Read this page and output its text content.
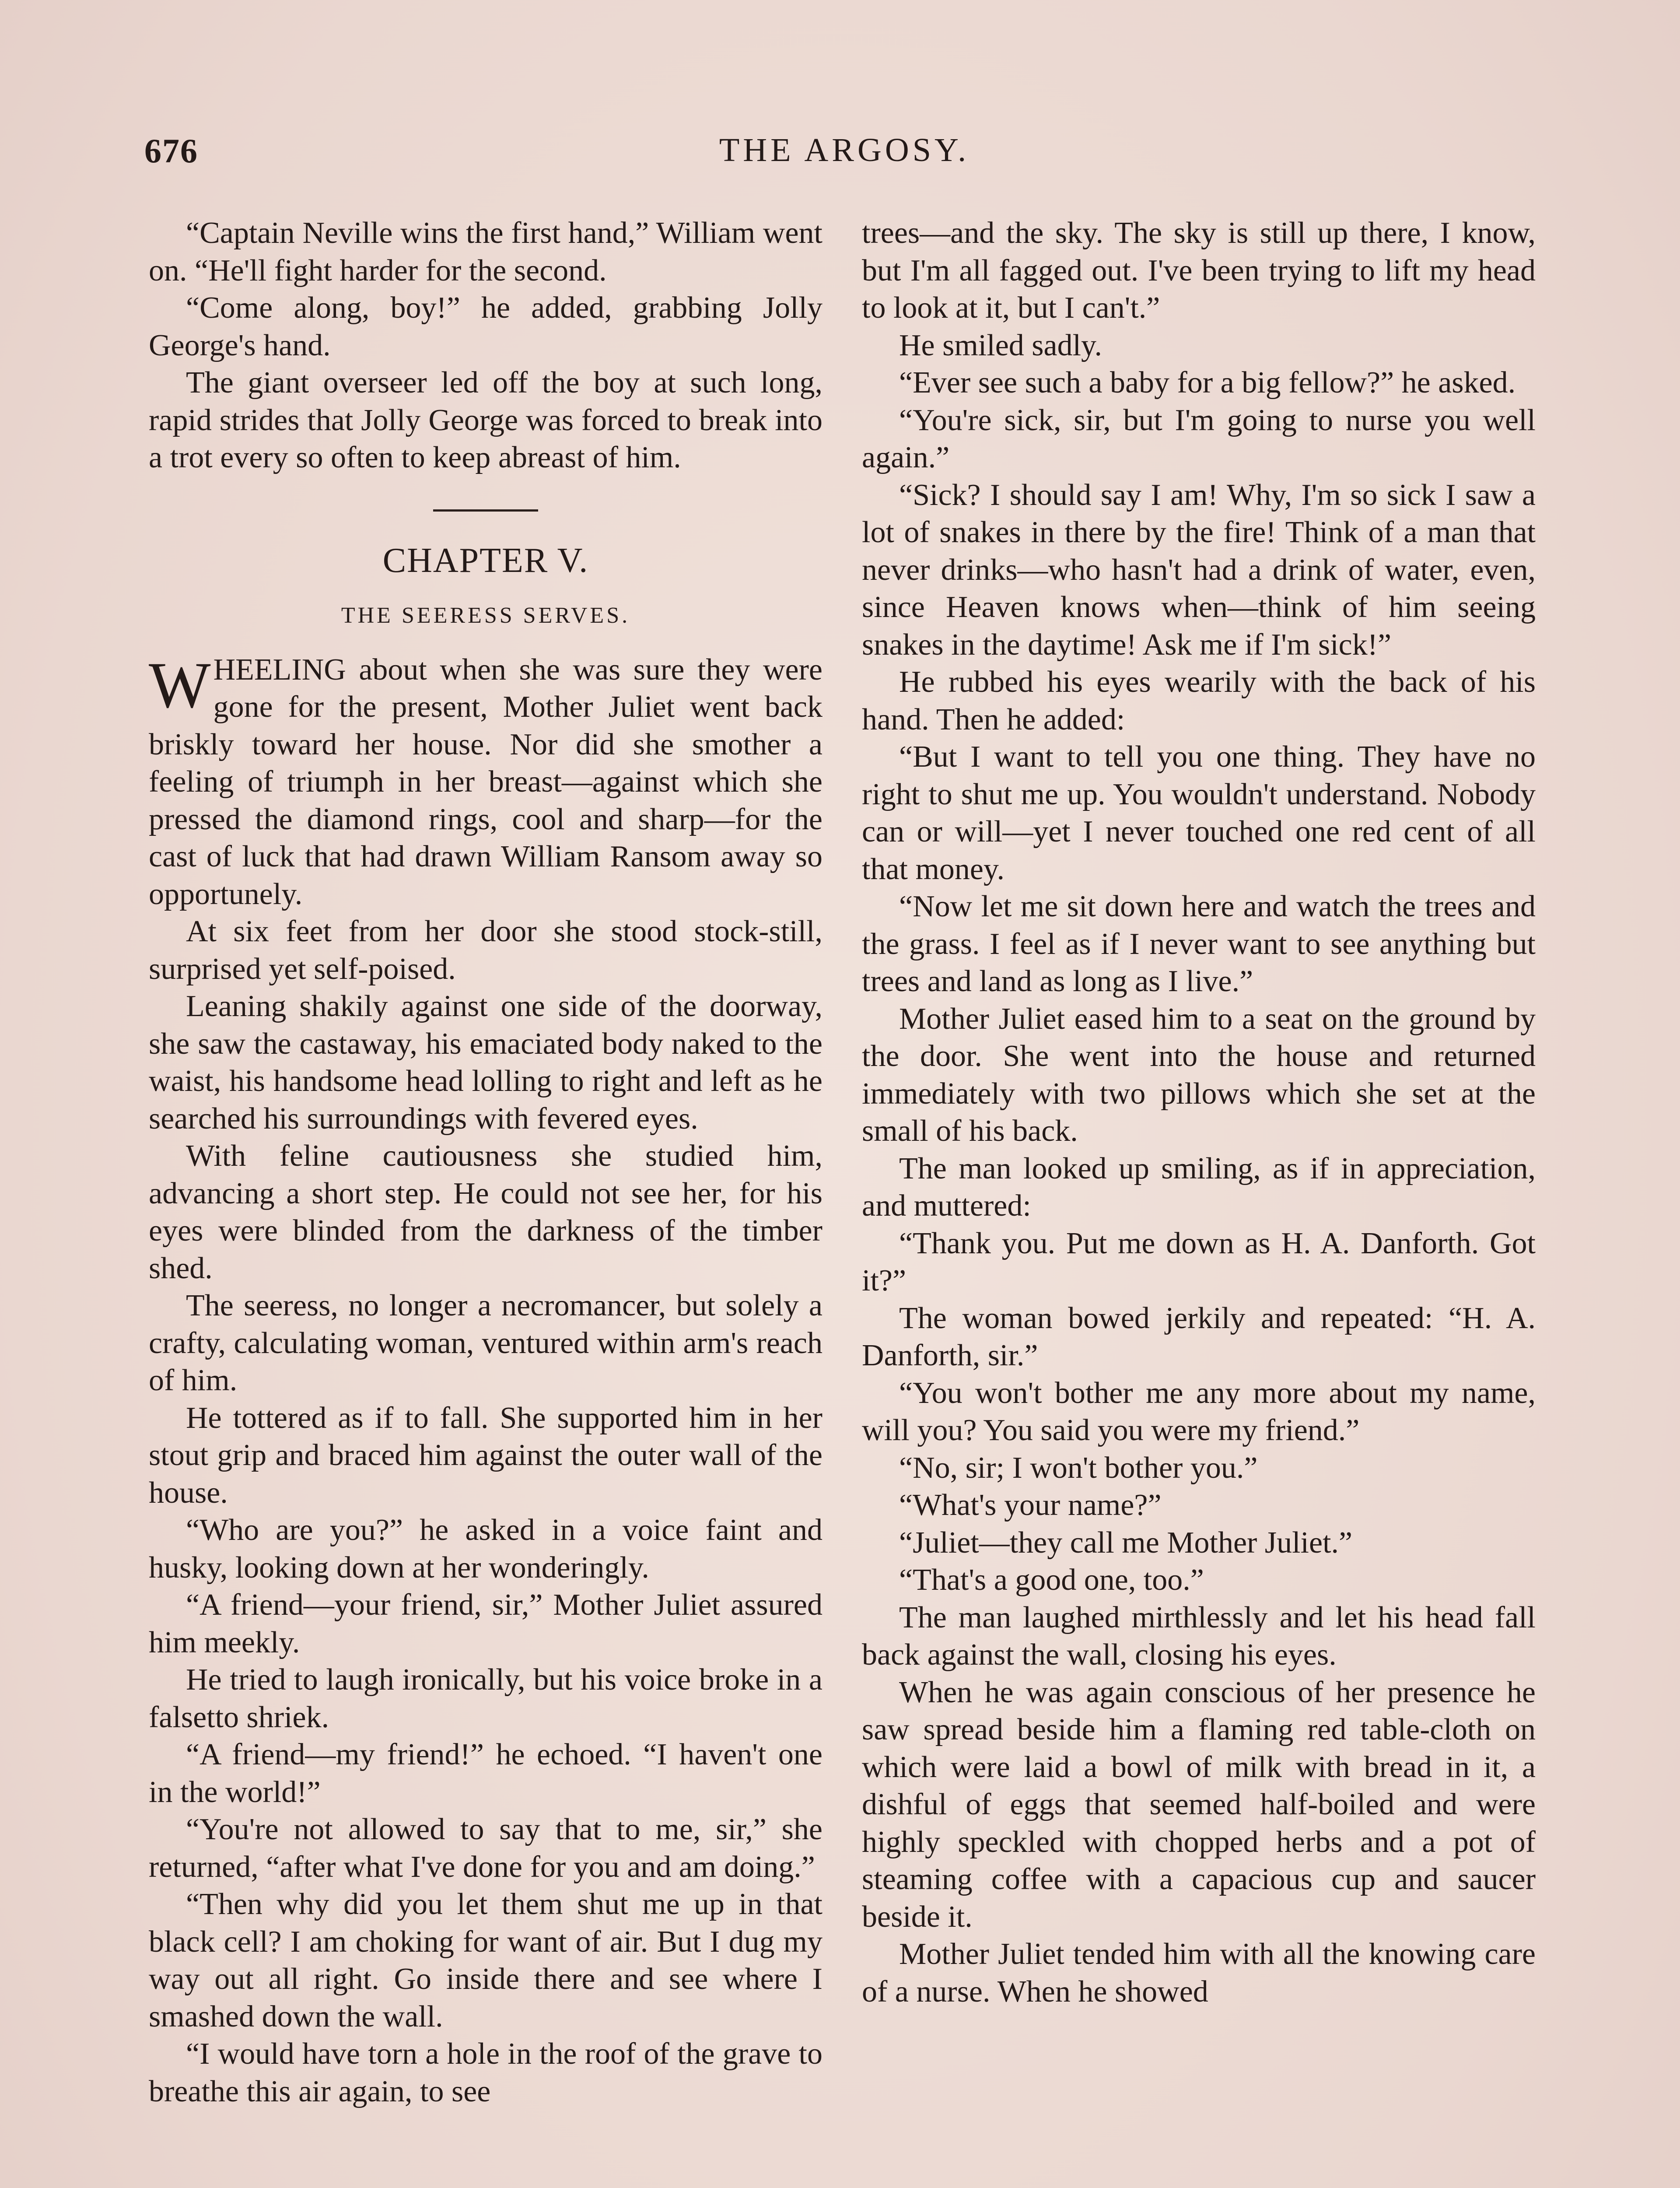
676	THE ARGOSY.

“Captain Neville wins the first hand,” William went on. “He'll fight harder for the second.

“Come along, boy!” he added, grabbing Jolly George's hand.

The giant overseer led off the boy at such long, rapid strides that Jolly George was forced to break into a trot every so often to keep abreast of him.

CHAPTER V.
THE SEERESS SERVES.

WHEELING about when she was sure they were gone for the present, Mother Juliet went back briskly toward her house. Nor did she smother a feeling of triumph in her breast—against which she pressed the diamond rings, cool and sharp—for the cast of luck that had drawn William Ransom away so opportunely.

At six feet from her door she stood stock-still, surprised yet self-poised.

Leaning shakily against one side of the doorway, she saw the castaway, his emaciated body naked to the waist, his handsome head lolling to right and left as he searched his surroundings with fevered eyes.

With feline cautiousness she studied him, advancing a short step. He could not see her, for his eyes were blinded from the darkness of the timber shed.

The seeress, no longer a necromancer, but solely a crafty, calculating woman, ventured within arm's reach of him.

He tottered as if to fall. She supported him in her stout grip and braced him against the outer wall of the house.

“Who are you?” he asked in a voice faint and husky, looking down at her wonderingly.

“A friend—your friend, sir,” Mother Juliet assured him meekly.

He tried to laugh ironically, but his voice broke in a falsetto shriek.

“A friend—my friend!” he echoed. “I haven't one in the world!”

“You're not allowed to say that to me, sir,” she returned, “after what I've done for you and am doing.”

“Then why did you let them shut me up in that black cell? I am choking for want of air. But I dug my way out all right. Go inside there and see where I smashed down the wall.

“I would have torn a hole in the roof of the grave to breathe this air again, to see

trees—and the sky. The sky is still up there, I know, but I'm all fagged out. I've been trying to lift my head to look at it, but I can't.”

He smiled sadly.

“Ever see such a baby for a big fellow?” he asked.

“You're sick, sir, but I'm going to nurse you well again.”

“Sick? I should say I am! Why, I'm so sick I saw a lot of snakes in there by the fire! Think of a man that never drinks—who hasn't had a drink of water, even, since Heaven knows when—think of him seeing snakes in the daytime! Ask me if I'm sick!”

He rubbed his eyes wearily with the back of his hand. Then he added:

“But I want to tell you one thing. They have no right to shut me up. You wouldn't understand. Nobody can or will—yet I never touched one red cent of all that money.

“Now let me sit down here and watch the trees and the grass. I feel as if I never want to see anything but trees and land as long as I live.”

Mother Juliet eased him to a seat on the ground by the door. She went into the house and returned immediately with two pillows which she set at the small of his back.

The man looked up smiling, as if in appreciation, and muttered:

“Thank you. Put me down as H. A. Danforth. Got it?”

The woman bowed jerkily and repeated: “H. A. Danforth, sir.”

“You won't bother me any more about my name, will you? You said you were my friend.”

“No, sir; I won't bother you.”

“What's your name?”

“Juliet—they call me Mother Juliet.”

“That's a good one, too.”

The man laughed mirthlessly and let his head fall back against the wall, closing his eyes.

When he was again conscious of her presence he saw spread beside him a flaming red table-cloth on which were laid a bowl of milk with bread in it, a dishful of eggs that seemed half-boiled and were highly speckled with chopped herbs and a pot of steaming coffee with a capacious cup and saucer beside it.

Mother Juliet tended him with all the knowing care of a nurse. When he showed
